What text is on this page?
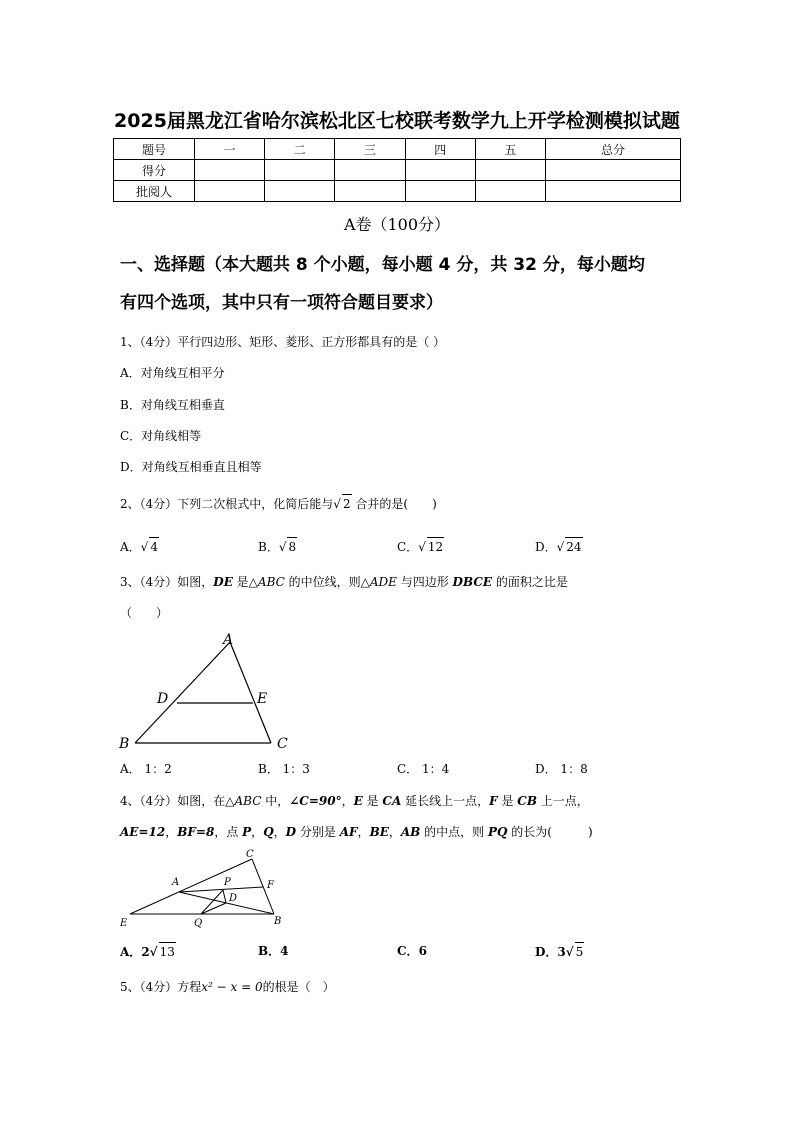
2025届黑龙江省哈尔滨松北区七校联考数学九上开学检测模拟试题
题号	一	二	三	四	五	总分
得分						
批阅人						
A卷（100分）
一、选择题（本大题共 8 个小题，每小题 4 分，共 32 分，每小题均
有四个选项，其中只有一项符合题目要求）
1、（4分）平行四边形、矩形、菱形、正方形都具有的是（ ）
A．对角线互相平分
B．对角线互相垂直
C．对角线相等
D．对角线互相垂直且相等
2、（4分）下列二次根式中，化简后能与√ 2 合并的是(　　)
A．√ 4	B．√ 8	C．√ 12	D．√ 24
3、（4分）如图，DE 是△ABC 的中位线，则△ADE 与四边形 DBCE 的面积之比是
（　　）
A
D	E
B	C
A． 1：2	B． 1：3	C． 1：4	D． 1：8
4、（4分）如图，在△ABC 中，∠C=90°，E 是 CA 延长线上一点，F 是 CB 上一点，
AE=12，BF=8，点 P，Q，D 分别是 AF，BE，AB 的中点，则 PQ 的长为(　　　)
C
A	P	F
D
E	Q	B
A．2√ 13	B．4	C．6	D．3√ 5
5、（4分）方程x² − x = 0的根是（　）
